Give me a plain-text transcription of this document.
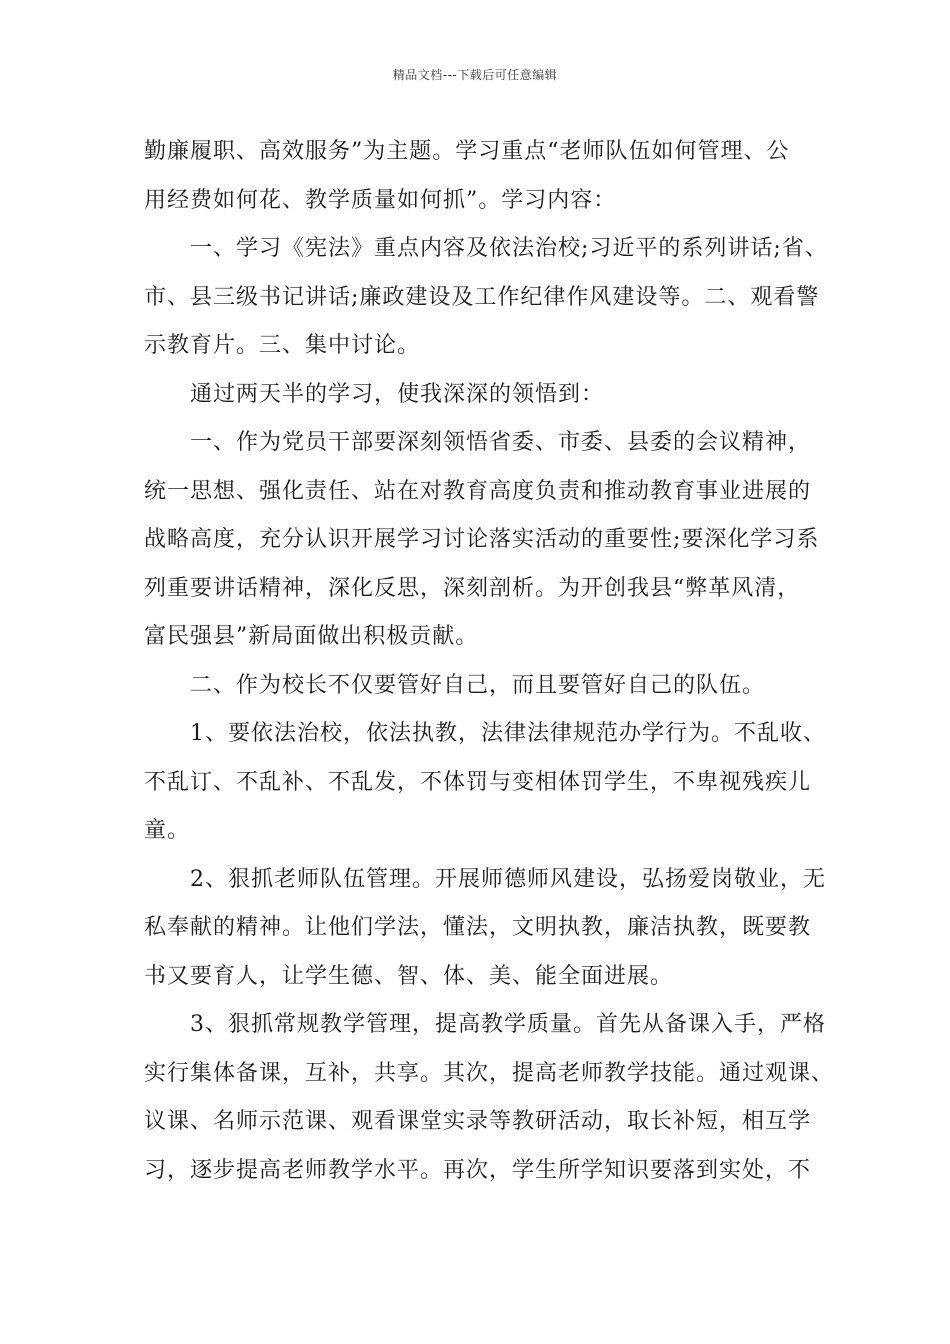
精品文档---下载后可任意编辑

勤廉履职、高效服务”为主题。学习重点“老师队伍如何管理、公
用经费如何花、教学质量如何抓”。学习内容：

一、学习《宪法》重点内容及依法治校;习近平的系列讲话;省、
市、县三级书记讲话;廉政建设及工作纪律作风建设等。二、观看警
示教育片。三、集中讨论。

通过两天半的学习，使我深深的领悟到：

一、作为党员干部要深刻领悟省委、市委、县委的会议精神，
统一思想、强化责任、站在对教育高度负责和推动教育事业进展的
战略高度，充分认识开展学习讨论落实活动的重要性;要深化学习系
列重要讲话精神，深化反思，深刻剖析。为开创我县“弊革风清，
富民强县”新局面做出积极贡献。

二、作为校长不仅要管好自己，而且要管好自己的队伍。

1、要依法治校，依法执教，法律法律规范办学行为。不乱收、
不乱订、不乱补、不乱发，不体罚与变相体罚学生，不卑视残疾儿
童。

2、狠抓老师队伍管理。开展师德师风建设，弘扬爱岗敬业，无
私奉献的精神。让他们学法，懂法，文明执教，廉洁执教，既要教
书又要育人，让学生德、智、体、美、能全面进展。

3、狠抓常规教学管理，提高教学质量。首先从备课入手，严格
实行集体备课，互补，共享。其次，提高老师教学技能。通过观课、
议课、名师示范课、观看课堂实录等教研活动，取长补短，相互学
习，逐步提高老师教学水平。再次，学生所学知识要落到实处，不
